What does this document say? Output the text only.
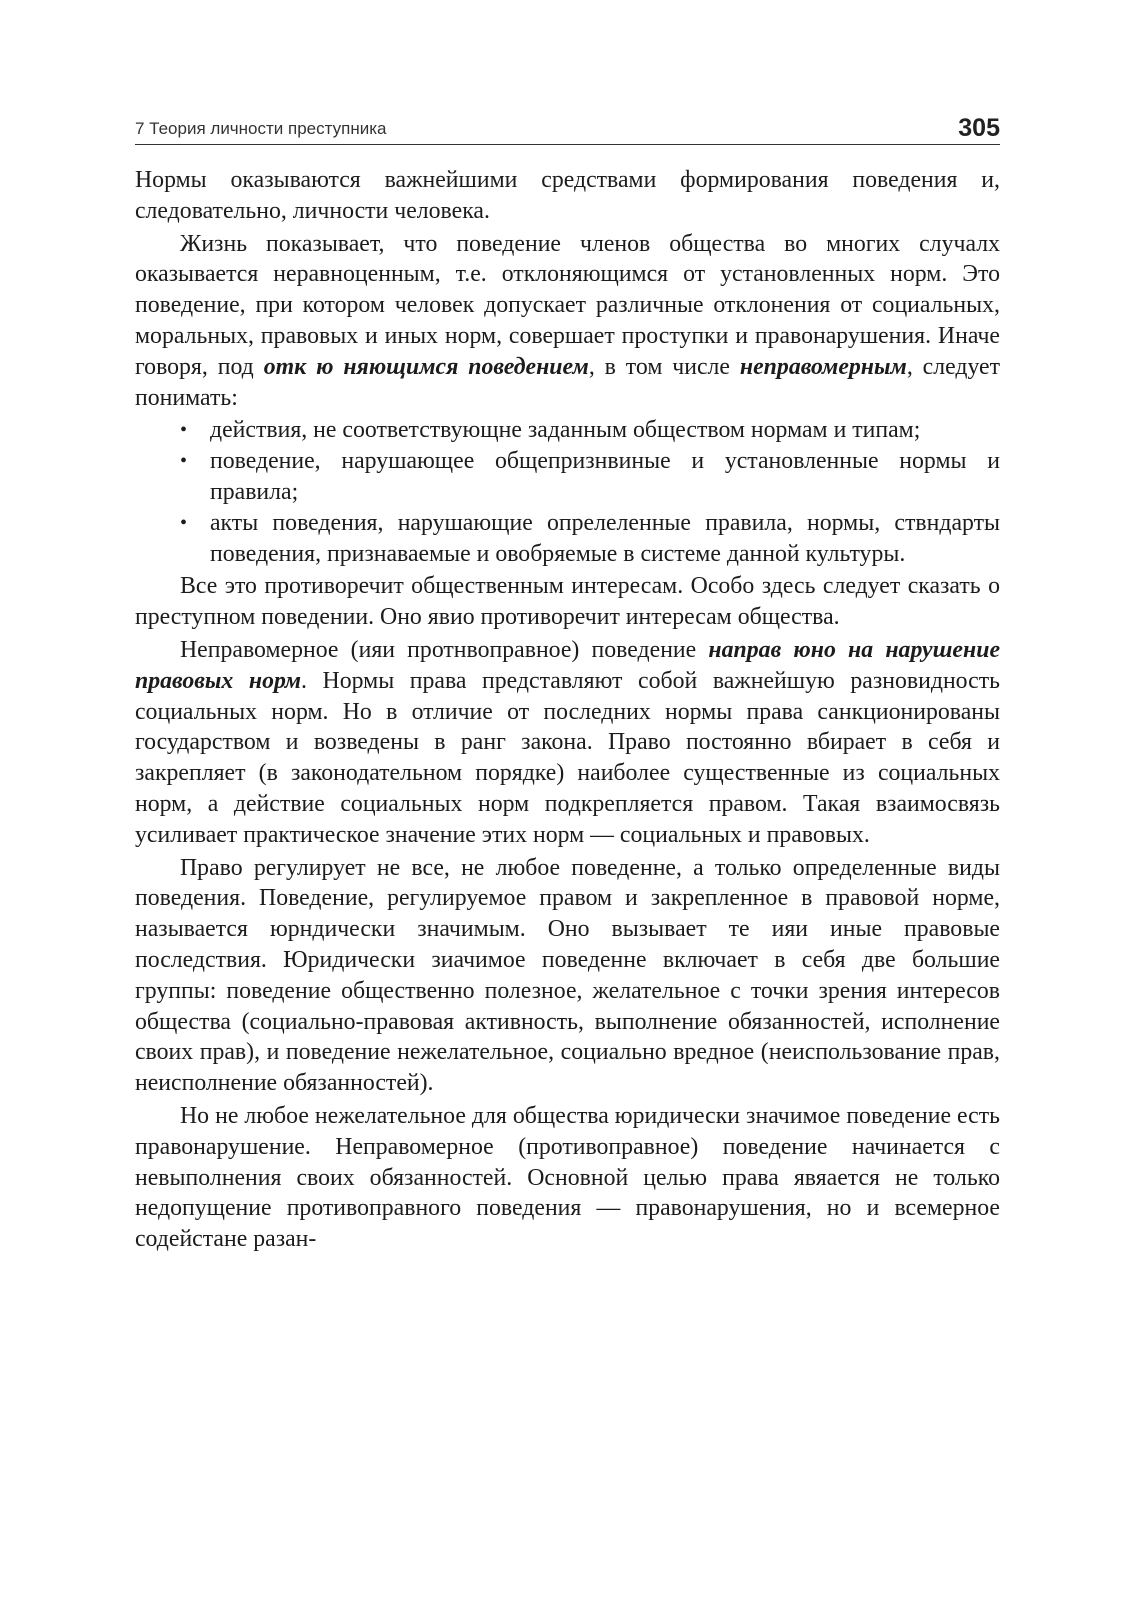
7 Теория личности преступника	305

Нормы оказываются важнейшими средствами формирования поведения и, следовательно, личности человека.

Жизнь показывает, что поведение членов общества во многих случалх оказывается неравноценным, т.е. отклоняющимся от установленных норм. Это поведение, при котором человек допускает различные отклонения от социальных, моральных, правовых и иных норм, совершает проступки и правонарушения. Иначе говоря, под отк ю няющимся поведением, в том числе неправомерным, следует понимать:

• действия, не соответствующне заданным обществом нормам и типам;
• поведение, нарушающее общепризнвиные и установленные нормы и правила;
• акты поведения, нарушающие опрелеленные правила, нормы, ствндарты поведения, признаваемые и овобряемые в системе данной культуры.

Все это противоречит общественным интересам. Особо здесь следует сказать о преступном поведении. Оно явио противоречит интересам общества.

Неправомерное (ияи протнвоправное) поведение направ юно на нарушение правовых норм. Нормы права представляют собой важнейшую разновидность социальных норм. Но в отличие от последних нормы права санкционированы государством и возведены в ранг закона. Право постоянно вбирает в себя и закрепляет (в законодательном порядке) наиболее существенные из социальных норм, а действие социальных норм подкрепляется правом. Такая взаимосвязь усиливает практическое значение этих норм — социальных и правовых.

Право регулирует не все, не любое поведенне, а только определенные виды поведения. Поведение, регулируемое правом и закрепленное в правовой норме, называется юрндически значимым. Оно вызывает те ияи иные правовые последствия. Юридически зиачимое поведенне включает в себя две большие группы: поведение общественно полезное, желательное с точки зрения интересов общества (социально-правовая активность, выполнение обязанностей, исполнение своих прав), и поведение нежелательное, социально вредное (неиспользование прав, неисполнение обязанностей).

Но не любое нежелательное для общества юридически значимое поведение есть правонарушение. Неправомерное (противоправное) поведение начинается с невыполнения своих обязанностей. Основной целью права явяается не только недопущение противоправного поведения — правонарушения, но и всемерное содейстане разан-
